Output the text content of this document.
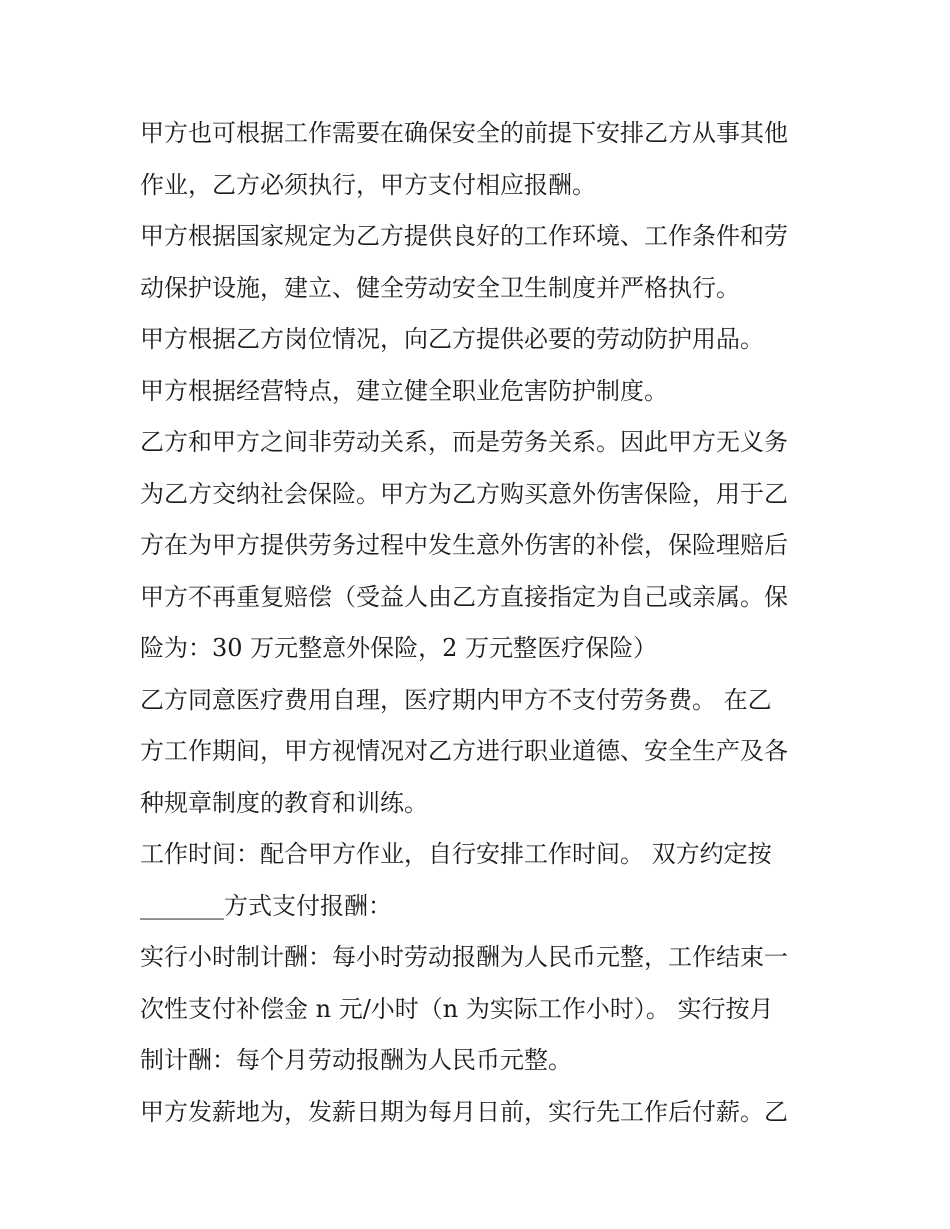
甲方也可根据工作需要在确保安全的前提下安排乙方从事其他
作业，乙方必须执行，甲方支付相应报酬。
甲方根据国家规定为乙方提供良好的工作环境、工作条件和劳
动保护设施，建立、健全劳动安全卫生制度并严格执行。
甲方根据乙方岗位情况，向乙方提供必要的劳动防护用品。
甲方根据经营特点，建立健全职业危害防护制度。
乙方和甲方之间非劳动关系，而是劳务关系。因此甲方无义务
为乙方交纳社会保险。甲方为乙方购买意外伤害保险，用于乙
方在为甲方提供劳务过程中发生意外伤害的补偿，保险理赔后
甲方不再重复赔偿（受益人由乙方直接指定为自己或亲属。保
险为：30 万元整意外保险，2 万元整医疗保险）
乙方同意医疗费用自理，医疗期内甲方不支付劳务费。 在乙
方工作期间，甲方视情况对乙方进行职业道德、安全生产及各
种规章制度的教育和训练。
工作时间：配合甲方作业，自行安排工作时间。 双方约定按
_______方式支付报酬：
实行小时制计酬：每小时劳动报酬为人民币元整，工作结束一
次性支付补偿金 n 元/小时（n 为实际工作小时）。 实行按月
制计酬：每个月劳动报酬为人民币元整。
甲方发薪地为，发薪日期为每月日前，实行先工作后付薪。乙
